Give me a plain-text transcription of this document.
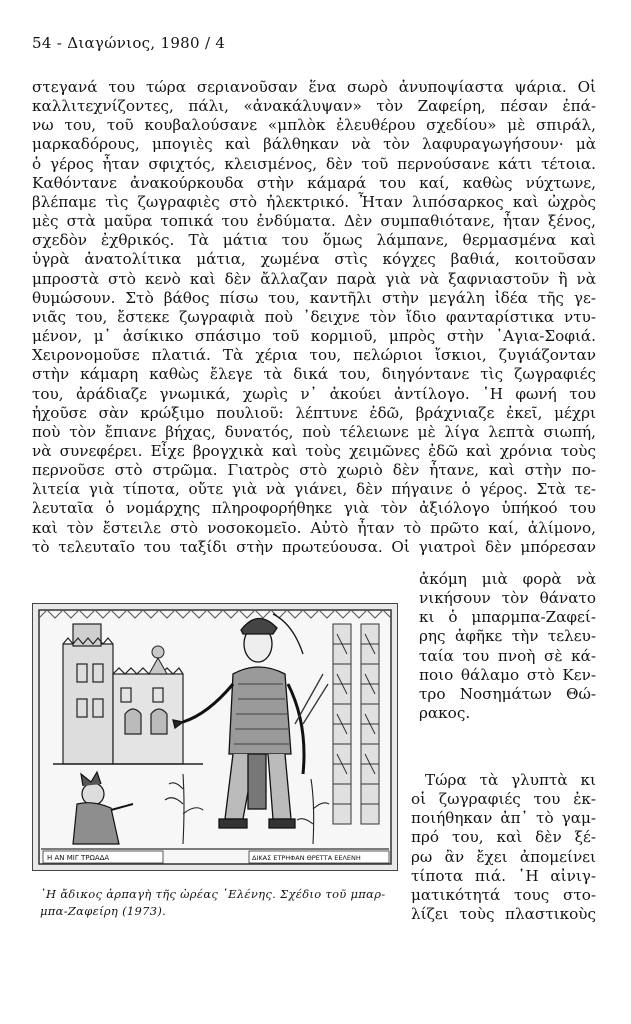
54 - Διαγώνιος, 1980 / 4
στεγανά του τώρα σεριανοῦσαν ἕνα σωρὸ ἀνυποψίαστα ψάρια. Οἱ
καλλιτεχνίζοντες, πάλι, «ἀνακάλυψαν» τὸν Ζαφείρη, πέσαν ἐπά-
νω του, τοῦ κουβαλούσανε «μπλὸκ ἐλευθέρου σχεδίου» μὲ σπιράλ,
μαρκαδόρους, μπογιὲς καὶ βάλθηκαν νὰ τὸν λαφυραγωγήσουν· μὰ
ὁ γέρος ἦταν σφιχτός, κλεισμένος, δὲν τοῦ περνούσανε κάτι τέτοια.
Καθόντανε ἀνακούρκουδα στὴν κάμαρά του καί, καθὼς νύχτωνε,
βλέπαμε τὶς ζωγραφιὲς στὸ ἠλεκτρικό. Ἦταν λιπόσαρκος καὶ ὠχρὸς
μὲς στὰ μαῦρα τοπικά του ἐνδύματα. Δὲν συμπαθιότανε, ἦταν ξένος,
σχεδὸν ἐχθρικός. Τὰ μάτια του ὅμως λάμπανε, θερμασμένα καὶ
ὑγρὰ ἀνατολίτικα μάτια, χωμένα στὶς κόγχες βαθιά, κοιτοῦσαν
μπροστὰ στὸ κενὸ καὶ δὲν ἄλλαζαν παρὰ γιὰ νὰ ξαφνιαστοῦν ἢ νὰ
θυμώσουν. Στὸ βάθος πίσω του, καντῆλι στὴν μεγάλη ἰδέα τῆς γε-
νιᾶς του, ἔστεκε ζωγραφιὰ ποὺ ᾽δειχνε τὸν ἴδιο φανταρίστικα ντυ-
μένον, μ᾽ ἀσίκικο σπάσιμο τοῦ κορμιοῦ, μπρὸς στὴν ᾽Αγια-Σοφιά.
Χειρονομοῦσε πλατιά. Τὰ χέρια του, πελώριοι ἴσκιοι, ζυγιάζονταν
στὴν κάμαρη καθὼς ἔλεγε τὰ δικά του, διηγόντανε τὶς ζωγραφιές
του, ἀράδιαζε γνωμικά, χωρὶς ν᾽ ἀκούει ἀντίλογο. ῾Η φωνή του
ἠχοῦσε σὰν κρώξιμο πουλιοῦ: λέπτυνε ἐδῶ, βράχνιαζε ἐκεῖ, μέχρι
ποὺ τὸν ἔπιανε βήχας, δυνατός, ποὺ τέλειωνε μὲ λίγα λεπτὰ σιωπή,
νὰ συνεφέρει. Εἶχε βρογχικὰ καὶ τοὺς χειμῶνες ἐδῶ καὶ χρόνια τοὺς
περνοῦσε στὸ στρῶμα. Γιατρὸς στὸ χωριὸ δὲν ἦτανε, καὶ στὴν πο-
λιτεία γιὰ τίποτα, οὔτε γιὰ νὰ γιάνει, δὲν πήγαινε ὁ γέρος. Στὰ τε-
λευταῖα ὁ νομάρχης πληροφορήθηκε γιὰ τὸν ἀξιόλογο ὑπήκοό του
καὶ τὸν ἔστειλε στὸ νοσοκομεῖο. Αὐτὸ ἦταν τὸ πρῶτο καί, ἀλίμονο,
τὸ τελευταῖο του ταξίδι στὴν πρωτεύουσα. Οἱ γιατροὶ δὲν μπόρεσαν
Η ΑΝ ΜΙΓ ΤΡΩΑΔΑ	ΔΙΚΑΣ ΕΤΡΗΦΑΝ ΘΡΕΤΤΑ ΕΕΛΕΝΗ
῾Η ἄδικος ἁρπαγὴ τῆς ὡρέας ῾Ελένης. Σχέδιο τοῦ μπαρ-
μπα-Ζαφείρη (1973).
ἀκόμη μιὰ φορὰ νὰ
νικήσουν τὸν θάνατο
κι ὁ μπαρμπα-Ζαφεί-
ρης ἀφῆκε τὴν τελευ-
ταία του πνοὴ σὲ κά-
ποιο θάλαμο στὸ Κεν-
τρο Νοσημάτων Θώ-
ρακος.
Τώρα τὰ γλυπτὰ κι
οἱ ζωγραφιές του ἐκ-
ποιήθηκαν ἀπ᾽ τὸ γαμ-
πρό του, καὶ δὲν ξέ-
ρω ἂν ἔχει ἀπομείνει
τίποτα πιά. ῾Η αἰνιγ-
ματικότητά τους στο-
λίζει τοὺς πλαστικοὺς
